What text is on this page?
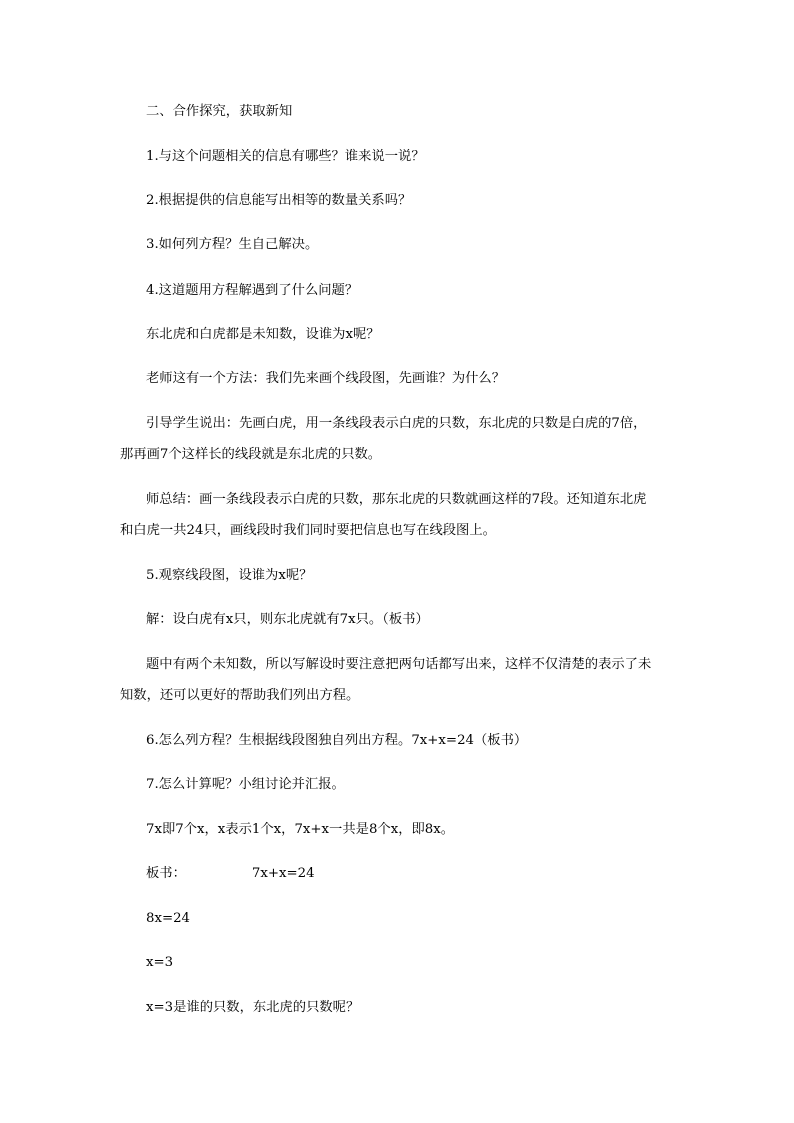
二、合作探究，获取新知
1.与这个问题相关的信息有哪些？谁来说一说？
2.根据提供的信息能写出相等的数量关系吗？
3.如何列方程？生自己解决。
4.这道题用方程解遇到了什么问题？
东北虎和白虎都是未知数，设谁为x呢？
老师这有一个方法：我们先来画个线段图，先画谁？为什么？
引导学生说出：先画白虎，用一条线段表示白虎的只数，东北虎的只数是白虎的7倍，
那再画7个这样长的线段就是东北虎的只数。
师总结：画一条线段表示白虎的只数，那东北虎的只数就画这样的7段。还知道东北虎
和白虎一共24只，画线段时我们同时要把信息也写在线段图上。
5.观察线段图，设谁为x呢？
解：设白虎有x只，则东北虎就有7x只。（板书）
题中有两个未知数，所以写解设时要注意把两句话都写出来，这样不仅清楚的表示了未
知数，还可以更好的帮助我们列出方程。
6.怎么列方程？生根据线段图独自列出方程。7x+x=24（板书）
7.怎么计算呢？小组讨论并汇报。
7x即7个x，x表示1个x，7x+x一共是8个x，即8x。
板书：	7x+x=24
8x=24
x=3
x=3是谁的只数，东北虎的只数呢？
